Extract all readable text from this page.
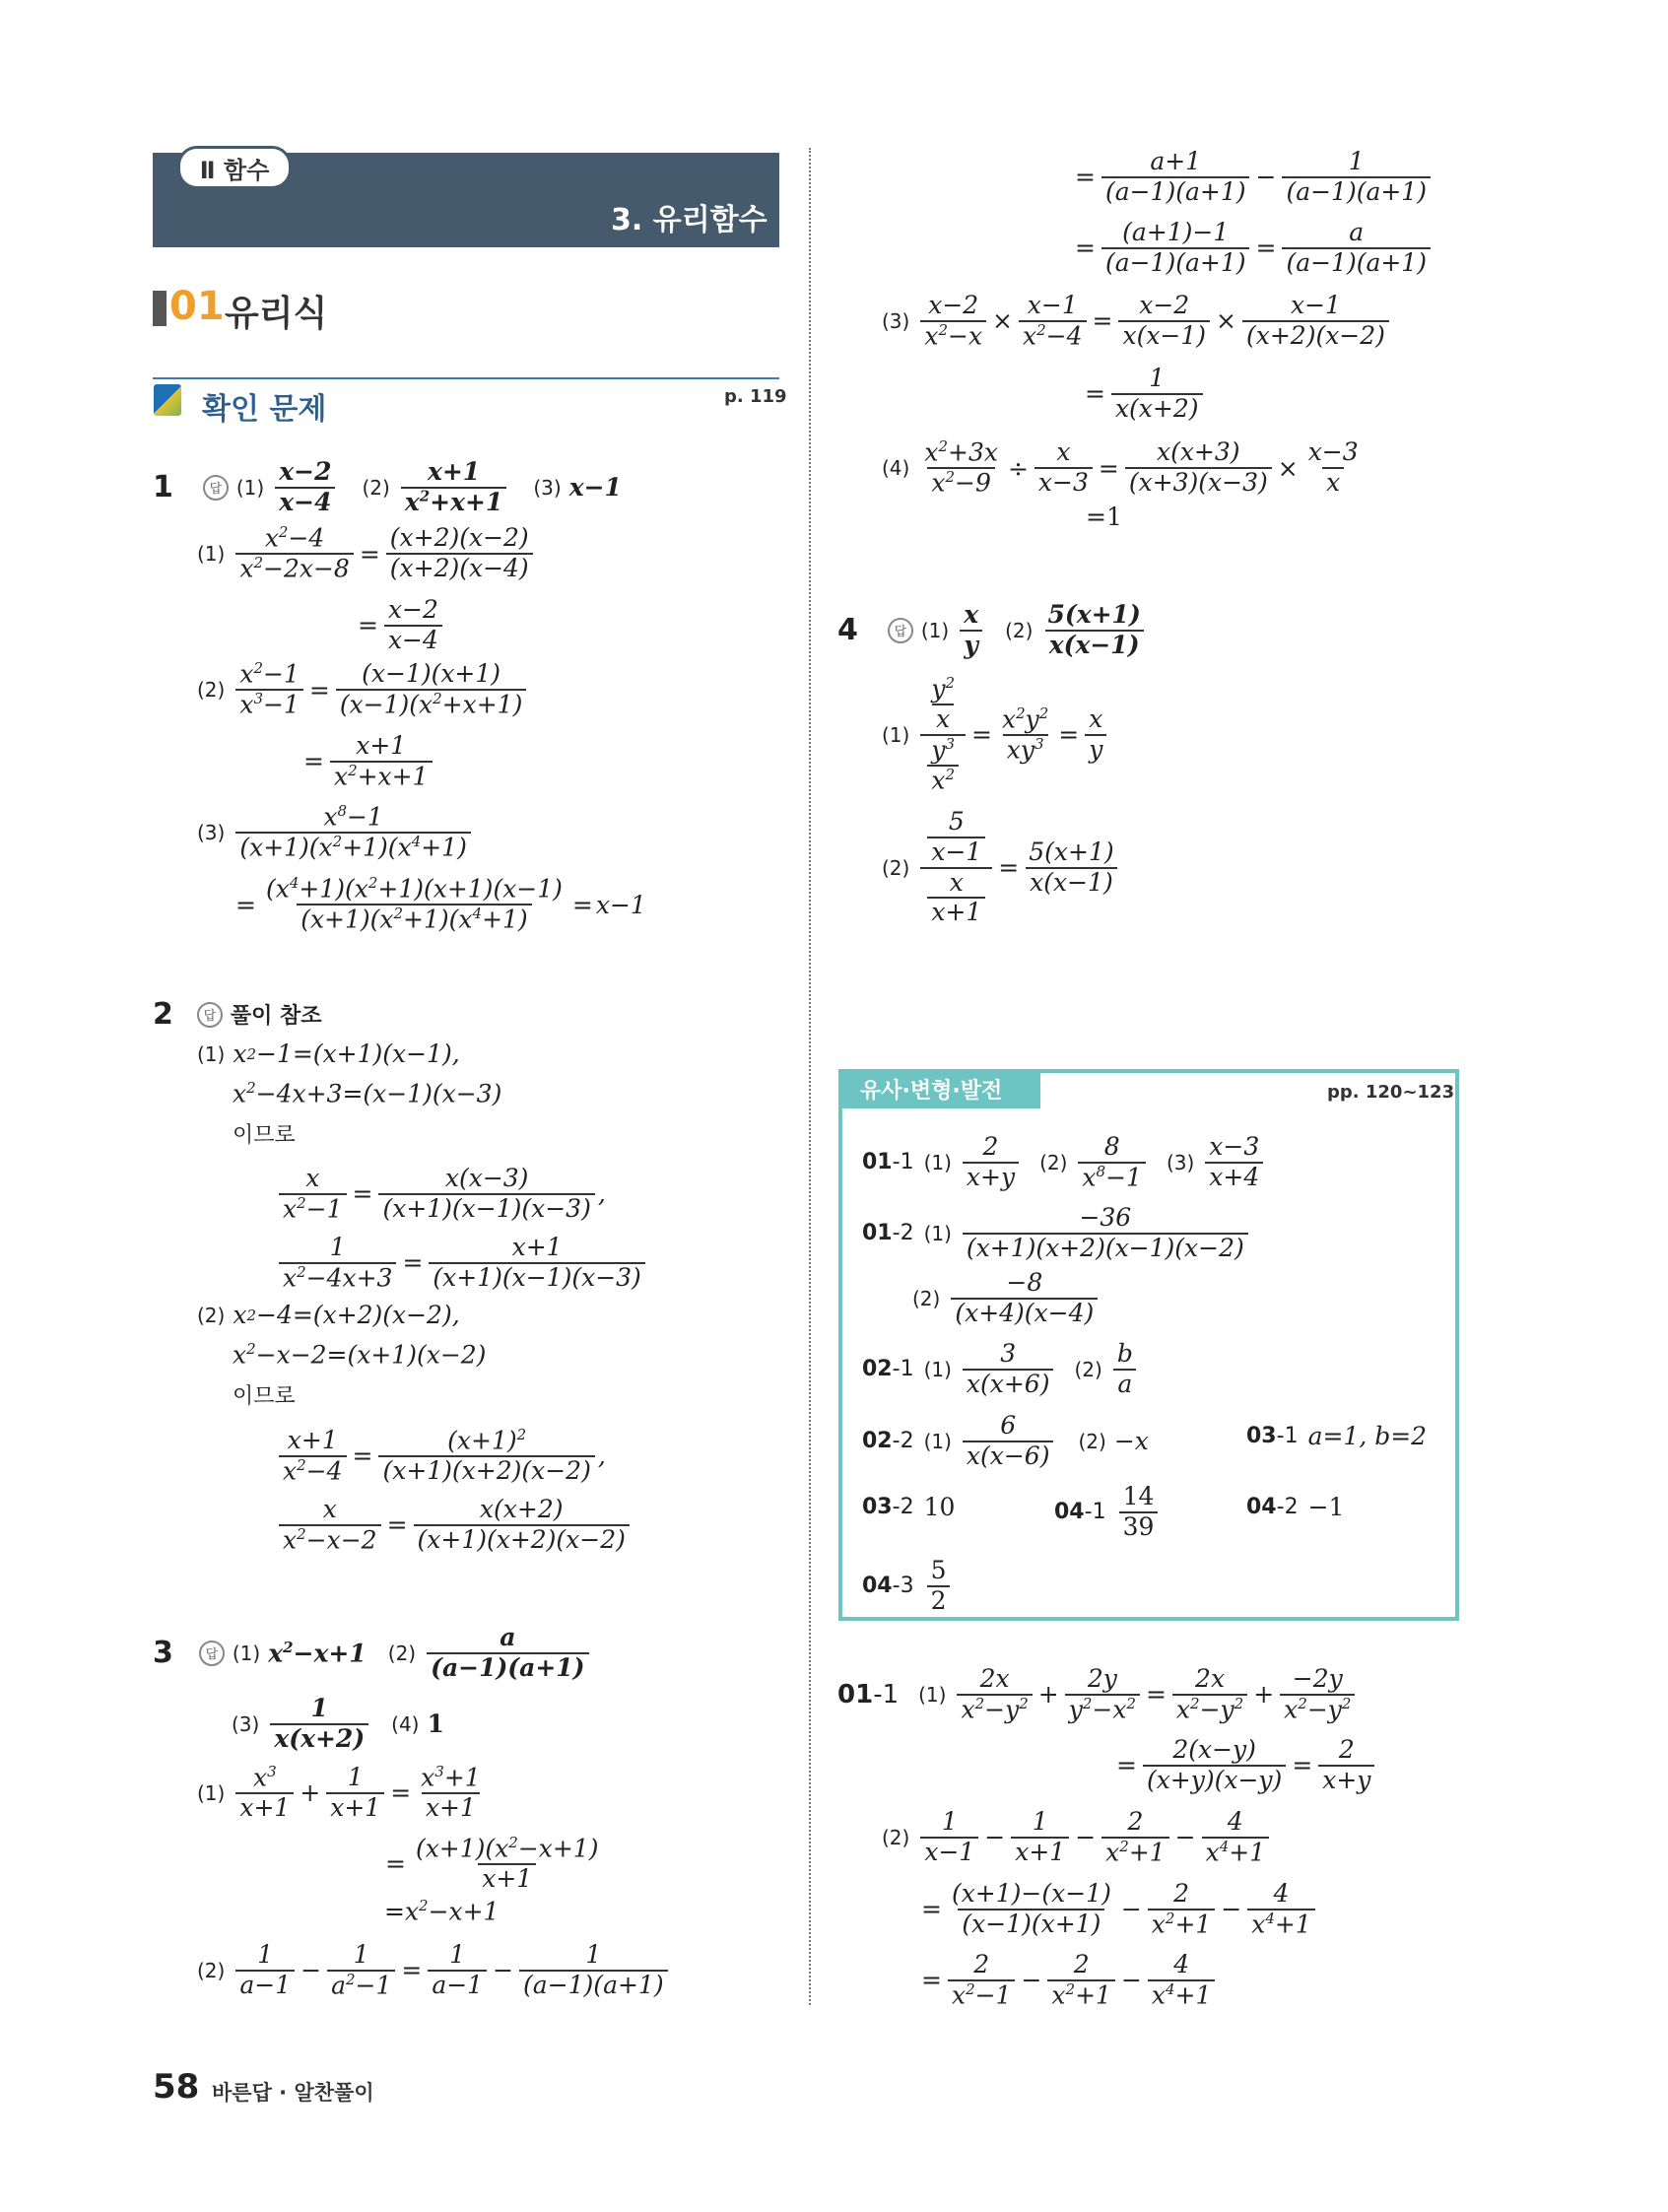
Ⅱ 함수
3. 유리함수
01 유리식
확인 문제	p. 119
1	답 $(1) \frac{x-2}{x-4} (2) \frac{x+1}{x^2+x+1} (3)$ x−1
$(1) \frac{x^2-4}{x^2-2x-8} = \frac{(x+2)(x-2)}{(x+2)(x-4)}$
= $\frac{x-2}{x-4}$
$(2) \frac{x^2-1}{x^3-1} = \frac{(x-1)(x+1)}{(x-1)(x^2+x+1)}$
= $\frac{x+1}{x^2+x+1}$
$(3) \frac{x^8-1}{(x+1)(x^2+1)(x^4+1)}$
= $\frac{(x^4+1)(x^2+1)(x+1)(x-1)}{(x+1)(x^2+1)(x^4+1)} = x-1$
2	답 풀이 참조
(1) x 2 −1=(x+1)(x−1),
$x^2-4x+3=(x-1)(x-3)$
이므로
$\frac{x}{x^2-1} = \frac{x(x-3)}{(x+1)(x-1)(x-3)}$ ,
$\frac{1}{x^2-4x+3} = \frac{x+1}{(x+1)(x-1)(x-3)}$
(2) x 2 −4=(x+2)(x−2),
$x^2-x-2=(x+1)(x-2)$
이므로
$\frac{x+1}{x^2-4} = \frac{(x+1)^2}{(x+1)(x+2)(x-2)}$ ,
$\frac{x}{x^2-x-2} = \frac{x(x+2)}{(x+1)(x+2)(x-2)}$
3	답 (1) $x^2-x+1$ $(2) \frac{a}{(a-1)(a+1)}$
$(3) \frac{1}{x(x+2)} (4)$ 1
$(1) \frac{x^3}{x+1} + \frac{1}{x+1} = \frac{x^3+1}{x+1}$
= $\frac{(x+1)(x^2-x+1)}{x+1}$
$=x^2-x+1$
$(2) \frac{1}{a-1} - \frac{1}{a^2-1} = \frac{1}{a-1} - \frac{1}{(a-1)(a+1)}$
= $\frac{a+1}{(a-1)(a+1)} - \frac{1}{(a-1)(a+1)}$
= $\frac{(a+1)-1}{(a-1)(a+1)} = \frac{a}{(a-1)(a+1)}$
$(3) \frac{x-2}{x^2-x} \times \frac{x-1}{x^2-4} = \frac{x-2}{x(x-1)} \times \frac{x-1}{(x+2)(x-2)}$
= $\frac{1}{x(x+2)}$
$(4) \frac{x^2+3x}{x^2-9} \div \frac{x}{x-3} = \frac{x(x+3)}{(x+3)(x-3)} \times \frac{x-3}{x}$
=1
4	답 $(1) \frac{x}{y} (2) \frac{5(x+1)}{x(x-1)}$
$(1) \frac{\frac{y^2}{x}}{\frac{y^3}{x^2}} = \frac{x^2y^2}{xy^3} = \frac{x}{y}$
$(2) \frac{\frac{5}{x-1}}{\frac{x}{x+1}} = \frac{5(x+1)}{x(x-1)}$
유사·변형·발전	pp. 120~123
01-1 $(1) \frac{2}{x+y} (2) \frac{8}{x^8-1} (3) \frac{x-3}{x+4}$
01-2 $(1) \frac{-36}{(x+1)(x+2)(x-1)(x-2)}$
$(2) \frac{-8}{(x+4)(x-4)}$
02-1 $(1) \frac{3}{x(x+6)} (2) \frac{b}{a}$
02-2 $(1) \frac{6}{x(x-6)} (2) -x$	03-1 a=1, b=2
03-2 10	$04-1 \frac{14}{39}$	04-2 −1
$04-3 \frac{5}{2}$
01-1 $(1) \frac{2x}{x^2-y^2} + \frac{2y}{y^2-x^2} = \frac{2x}{x^2-y^2} + \frac{-2y}{x^2-y^2}$
= $\frac{2(x-y)}{(x+y)(x-y)} = \frac{2}{x+y}$
$(2) \frac{1}{x-1} - \frac{1}{x+1} - \frac{2}{x^2+1} - \frac{4}{x^4+1}$
= $\frac{(x+1)-(x-1)}{(x-1)(x+1)} - \frac{2}{x^2+1} - \frac{4}{x^4+1}$
= $\frac{2}{x^2-1} - \frac{2}{x^2+1} - \frac{4}{x^4+1}$
58 바른답 · 알찬풀이
